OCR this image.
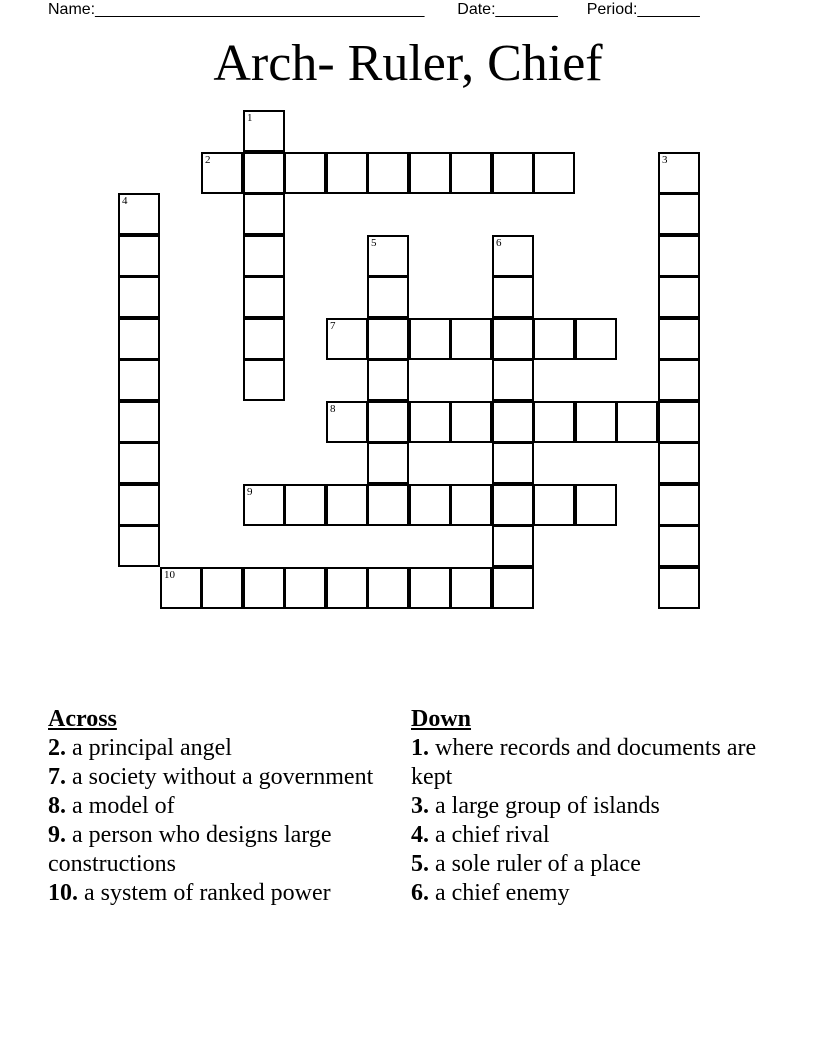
Name:_____________________________________ Date:_______ Period:_______
Arch- Ruler, Chief
1
2	3
4
5	6
7
8
9
10
Across
2. a principal angel
7. a society without a government
8. a model of
9. a person who designs large constructions
10. a system of ranked power
Down
1. where records and documents are kept
3. a large group of islands
4. a chief rival
5. a sole ruler of a place
6. a chief enemy
